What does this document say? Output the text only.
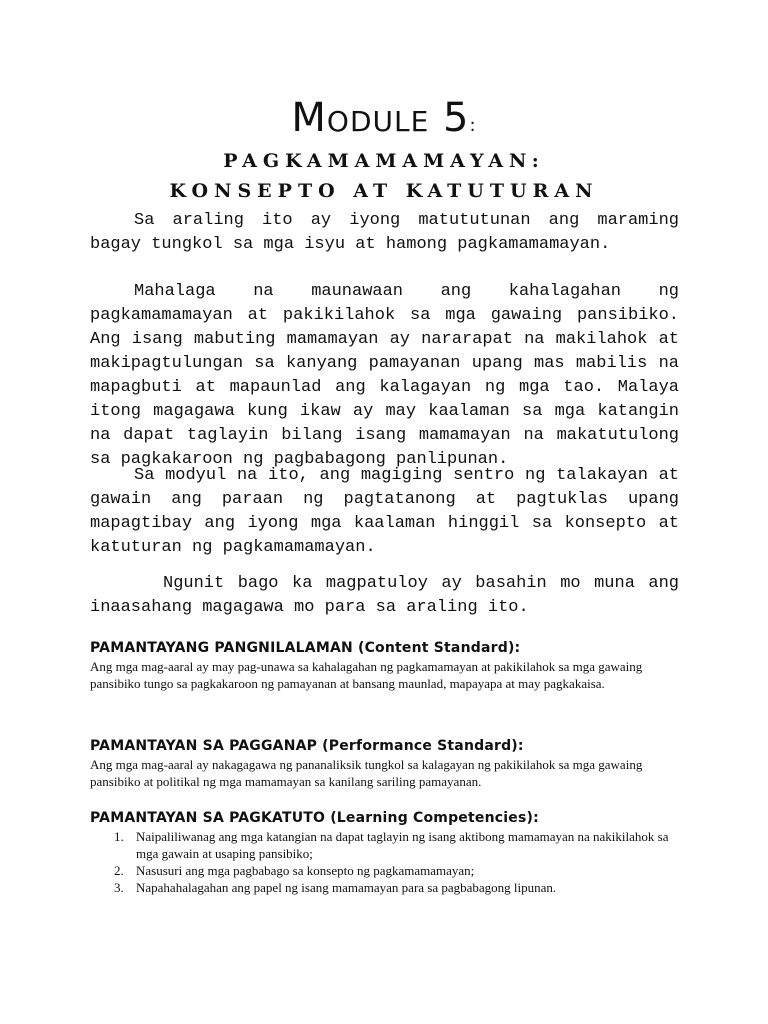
Module 5:
PAGKAMAMAMAYAN:
KONSEPTO AT KATUTURAN

Sa araling ito ay iyong matututunan ang maraming bagay tungkol sa mga isyu at hamong pagkamamamayan.

Mahalaga na maunawaan ang kahalagahan ng pagkamamamayan at pakikilahok sa mga gawaing pansibiko. Ang isang mabuting mamamayan ay nararapat na makilahok at makipagtulungan sa kanyang pamayanan upang mas mabilis na mapagbuti at mapaunlad ang kalagayan ng mga tao. Malaya itong magagawa kung ikaw ay may kaalaman sa mga katangin na dapat taglayin bilang isang mamamayan na makatutulong sa pagkakaroon ng pagbabagong panlipunan.

Sa modyul na ito, ang magiging sentro ng talakayan at gawain ang paraan ng pagtatanong at pagtuklas upang mapagtibay ang iyong mga kaalaman hinggil sa konsepto at katuturan ng pagkamamamayan.

Ngunit bago ka magpatuloy ay basahin mo muna ang inaasahang magagawa mo para sa araling ito.

PAMANTAYANG PANGNILALAMAN (Content Standard):

Ang mga mag-aaral ay may pag-unawa sa kahalagahan ng pagkamamayan at pakikilahok sa mga gawaing pansibiko tungo sa pagkakaroon ng pamayanan at bansang maunlad, mapayapa at may pagkakaisa.

PAMANTAYAN SA PAGGANAP (Performance Standard):

Ang mga mag-aaral ay nakagagawa ng pananaliksik tungkol sa kalagayan ng pakikilahok sa mga gawaing pansibiko at politikal ng mga mamamayan sa kanilang sariling pamayanan.

PAMANTAYAN SA PAGKATUTO (Learning Competencies):
1. Naipaliliwanag ang mga katangian na dapat taglayin ng isang aktibong mamamayan na nakikilahok sa mga gawain at usaping pansibiko;
2. Nasusuri ang mga pagbabago sa konsepto ng pagkamamamayan;
3. Napahahalagahan ang papel ng isang mamamayan para sa pagbabagong lipunan.
